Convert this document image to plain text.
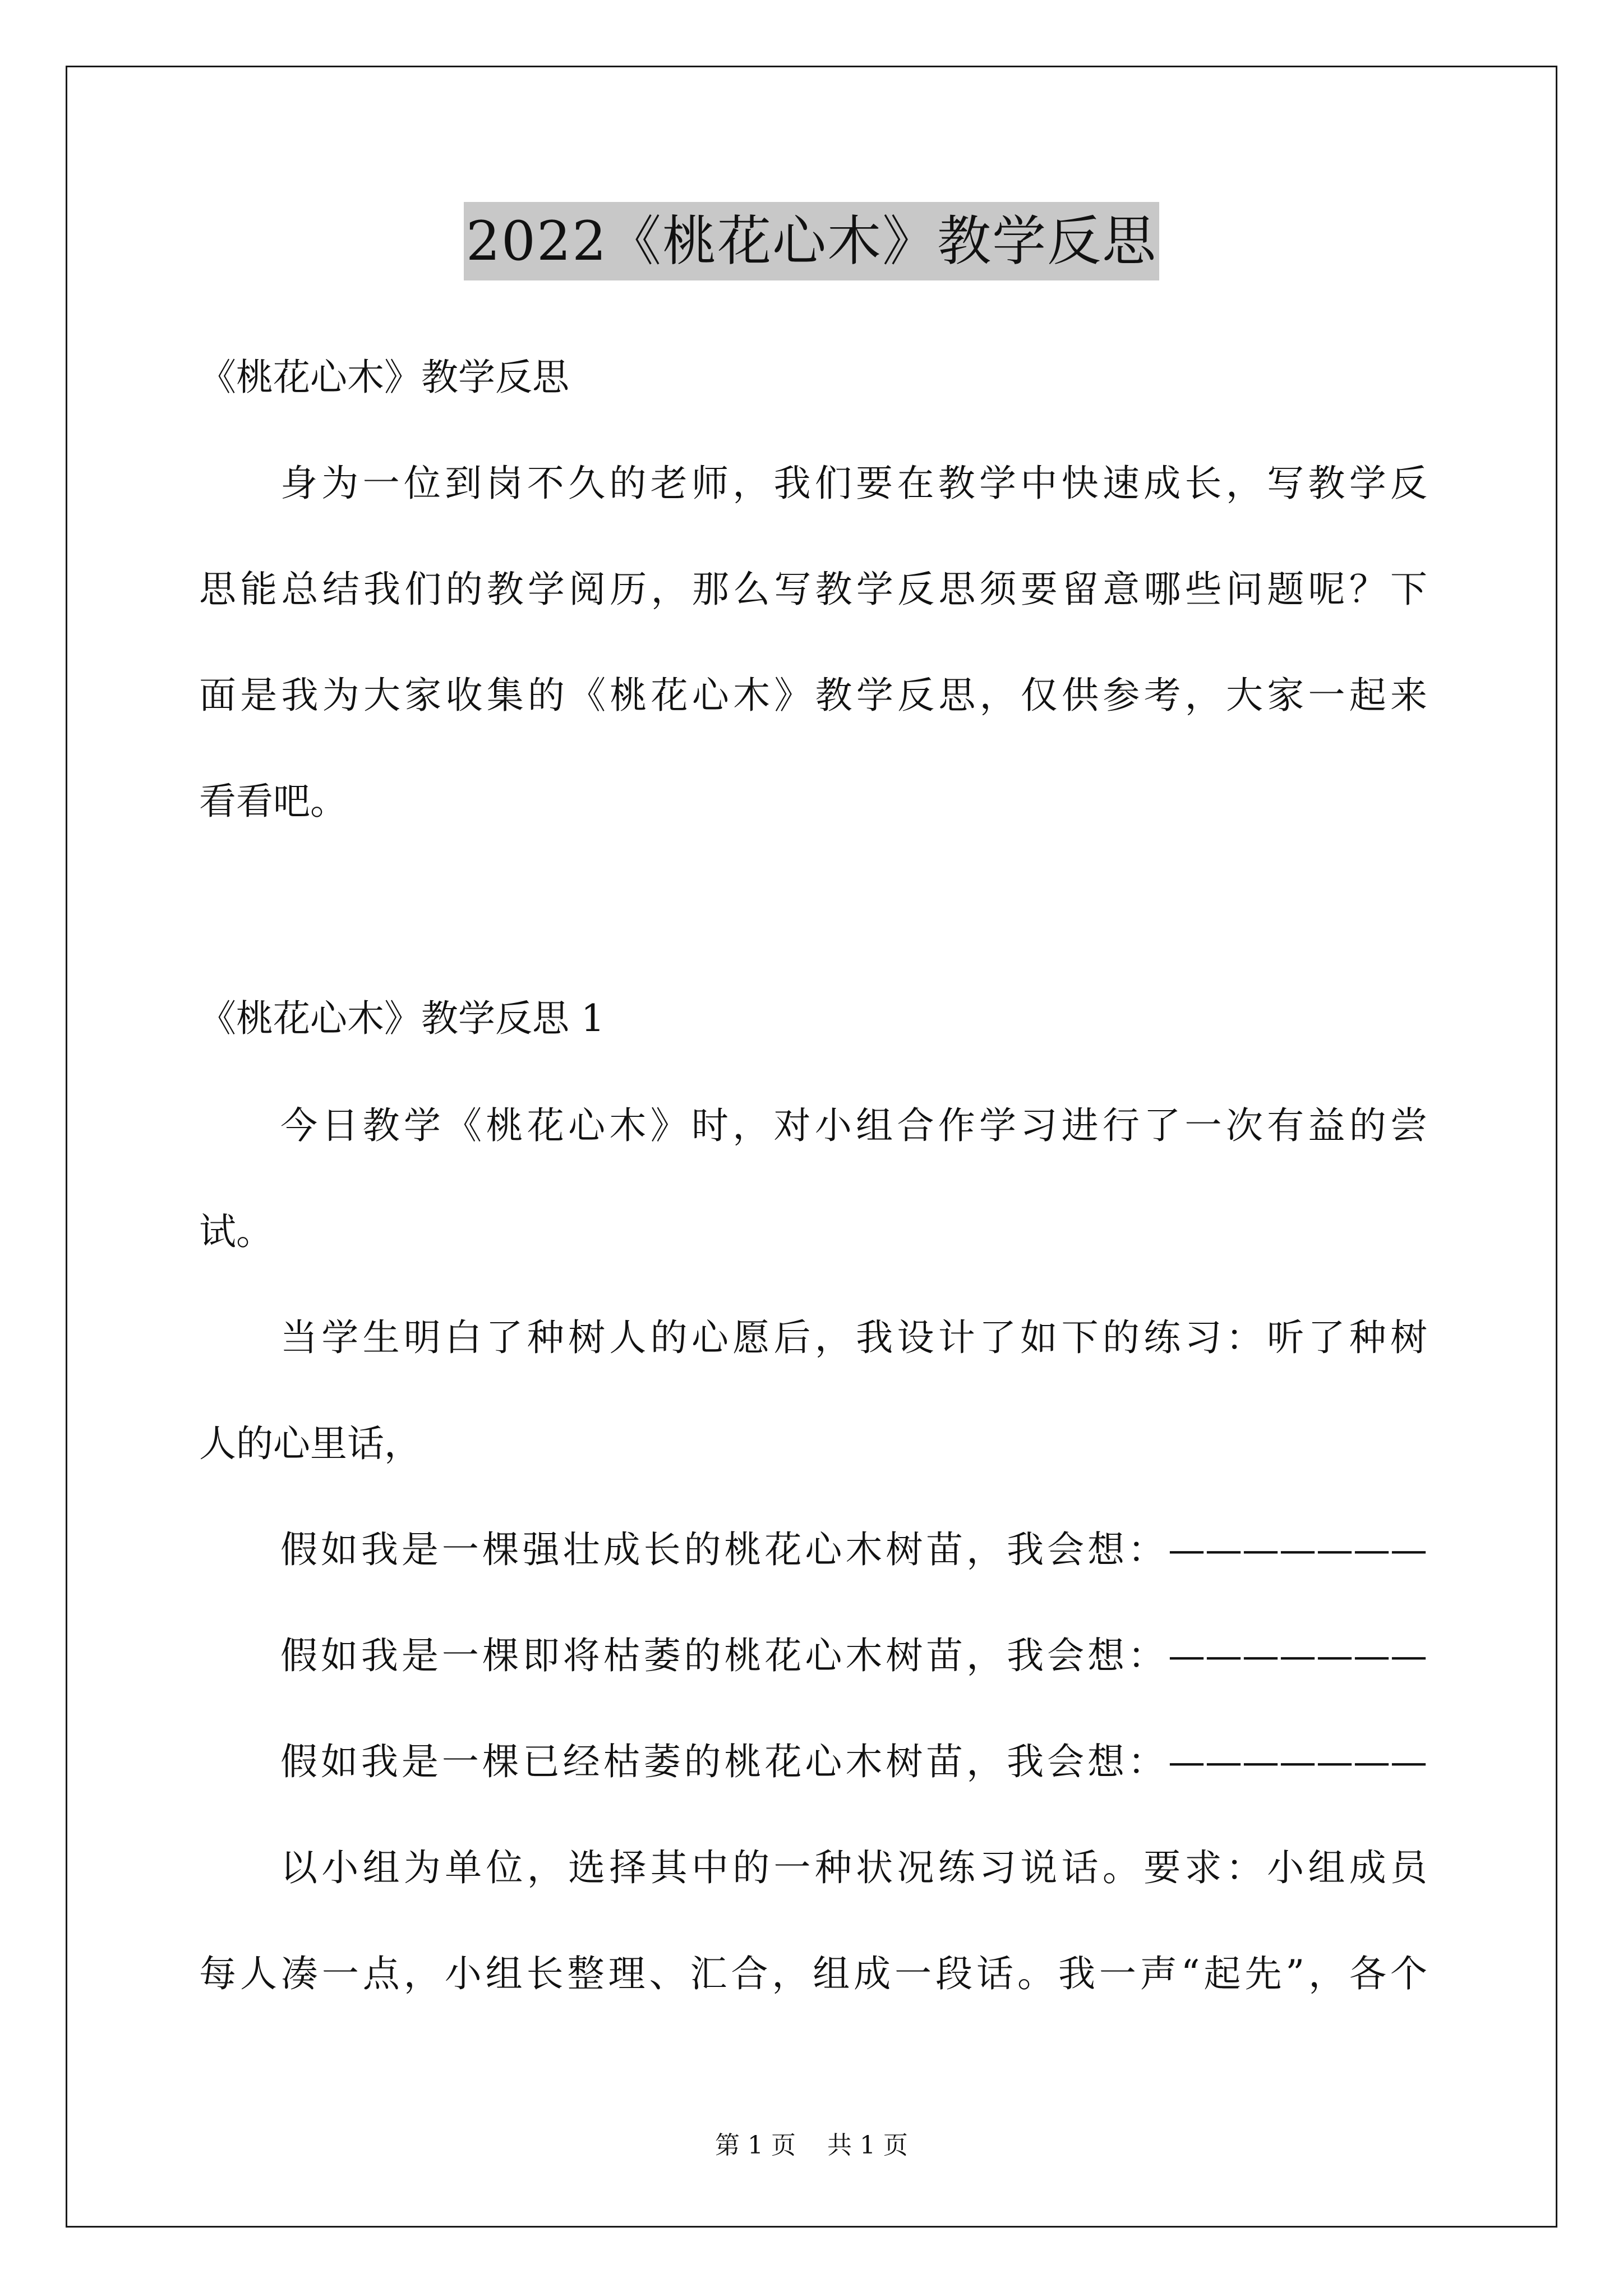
2022《桃花心木》教学反思
《桃花心木》教学反思
身为一位到岗不久的老师，我们要在教学中快速成长，写教学反
思能总结我们的教学阅历，那么写教学反思须要留意哪些问题呢？下
面是我为大家收集的《桃花心木》教学反思，仅供参考，大家一起来
看看吧。
《桃花心木》教学反思 1
今日教学《桃花心木》时，对小组合作学习进行了一次有益的尝
试。
当学生明白了种树人的心愿后，我设计了如下的练习：听了种树
人的心里话，
假如我是一棵强壮成长的桃花心木树苗，我会想：———————
假如我是一棵即将枯萎的桃花心木树苗，我会想：———————
假如我是一棵已经枯萎的桃花心木树苗，我会想：———————
以小组为单位，选择其中的一种状况练习说话。要求：小组成员
每人凑一点，小组长整理、汇合，组成一段话。我一声“起先”，各个
第 1 页    共 1 页
